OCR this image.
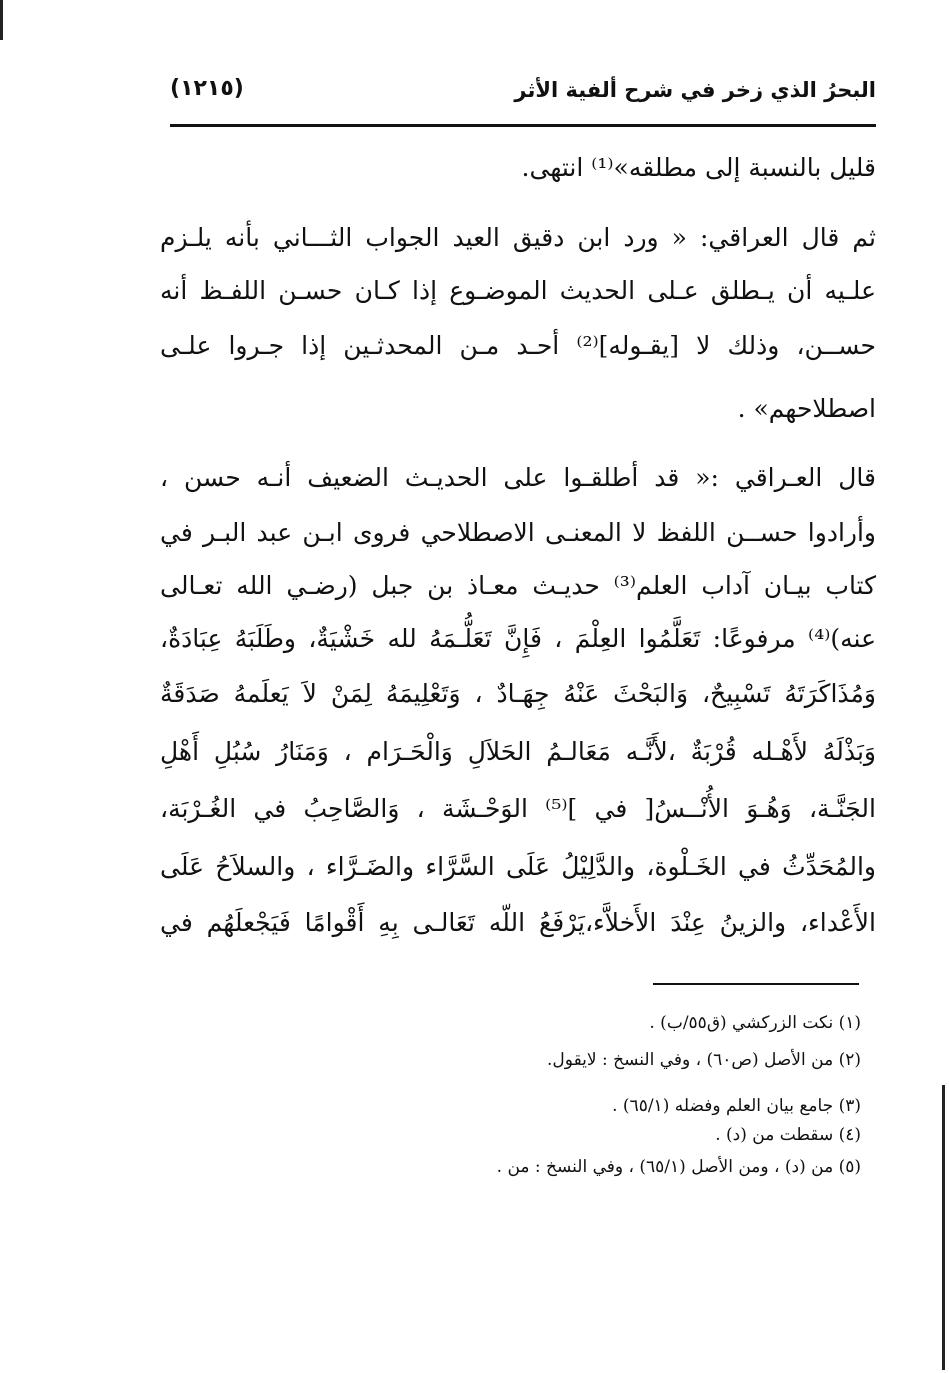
البحرُ الذي زخر في شرح ألفية الأثر
(١٢١٥)
قليل بالنسبة إلى مطلقه»⁽¹⁾ انتهى.
ثم قال العراقي: « ورد ابن دقيق العيد الجواب الثـــاني بأنه يلـزم
علـيه أن يـطلق عـلى الحديث الموضـوع إذا كـان حسـن اللفـظ أنه
حســن، وذلك لا [يقـوله]⁽²⁾ أحـد مـن المحدثـين إذا جـروا علـى
اصطلاحهم» .
قال العـراقي :« قد أطلقـوا على الحديـث الضعيف أنـه حسن ،
وأرادوا حســن اللفظ لا المعنـى الاصطلاحي فروى ابـن عبد البـر في
كتاب بيـان آداب العلم⁽³⁾ حديـث معـاذ بن جبل (رضـي الله تعـالى
عنه)⁽⁴⁾ مرفوعًا: تَعَلَّمُوا العِلْمَ ، فَإِنَّ تَعَلُّـمَهُ لله خَشْيَةٌ، وطَلَبَهُ عِبَادَةٌ،
وَمُذَاكَرَتَهُ تَسْبِيحٌ، وَالبَحْثَ عَنْهُ جِهَـادٌ ، وَتَعْلِيمَهُ لِمَنْ لاَ يَعلَمهُ صَدَقَةٌ
وَبَذْلَهُ لأَهْـله قُرْبَةٌ ،لأَنَّـه مَعَالـمُ الحَلاَلِ وَالْحَـرَام ، وَمَنَارُ سُبُلِ أَهْلِ
الجَنَّـة، وَهُـوَ الأُنْــسُ[ في ]⁽⁵⁾ الوَحْـشَة ، وَالصَّاحِبُ في الغُـرْبَة،
والمُحَدِّثُ في الخَـلْوة، والدَّلِيْلُ عَلَى السَّرَّاء والضَـرَّاء ، والسلاَحُ عَلَى
الأَعْداء، والزينُ عِنْدَ الأَخلاَّء،يَرْفَعُ اللّه تَعَالـى بِهِ أَقْوامًا فَيَجْعلَهُم في
(١) نكت الزركشي (ق٥٥/ب) .
(٢) من الأصل (ص٦٠) ، وفي النسخ : لايقول.
(٣) جامع بيان العلم وفضله (٦٥/١) .
(٤) سقطت من (د) .
(٥) من (د) ، ومن الأصل (٦٥/١) ، وفي النسخ : من .
